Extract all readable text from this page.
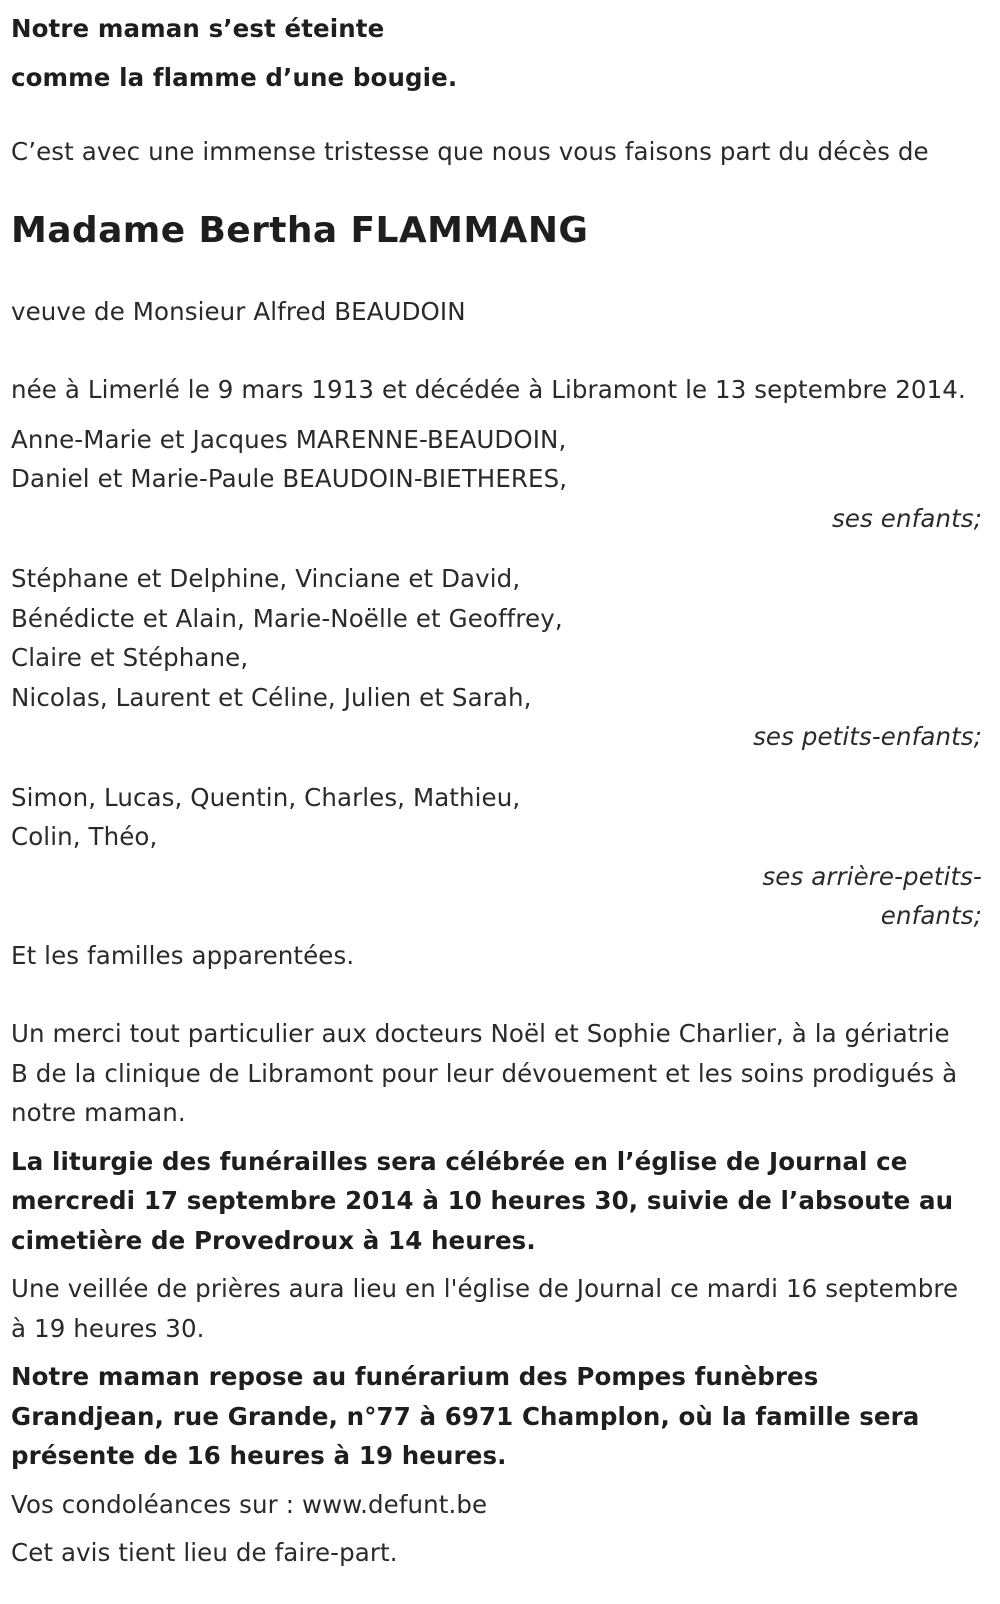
Notre maman s’est éteinte

comme la flamme d’une bougie.

C’est avec une immense tristesse que nous vous faisons part du décès de

Madame Bertha FLAMMANG

veuve de Monsieur Alfred BEAUDOIN

née à Limerlé le 9 mars 1913 et décédée à Libramont le 13 septembre 2014.

Anne-Marie et Jacques MARENNE-BEAUDOIN,

Daniel et Marie-Paule BEAUDOIN-BIETHERES,

ses enfants;

Stéphane et Delphine, Vinciane et David,

Bénédicte et Alain, Marie-Noëlle et Geoffrey,

Claire et Stéphane,

Nicolas, Laurent et Céline, Julien et Sarah,

ses petits-enfants;

Simon, Lucas, Quentin, Charles, Mathieu,

Colin, Théo,

ses arrière-petits-

enfants;

Et les familles apparentées.

Un merci tout particulier aux docteurs Noël et Sophie Charlier, à la gériatrie B de la clinique de Libramont pour leur dévouement et les soins prodigués à notre maman.

La liturgie des funérailles sera célébrée en l’église de Journal ce mercredi 17 septembre 2014 à 10 heures 30, suivie de l’absoute au cimetière de Provedroux à 14 heures.

Une veillée de prières aura lieu en l'église de Journal ce mardi 16 septembre à 19 heures 30.

Notre maman repose au funérarium des Pompes funèbres Grandjean, rue Grande, n°77 à 6971 Champlon, où la famille sera présente de 16 heures à 19 heures.

Vos condoléances sur : www.defunt.be

Cet avis tient lieu de faire-part.
